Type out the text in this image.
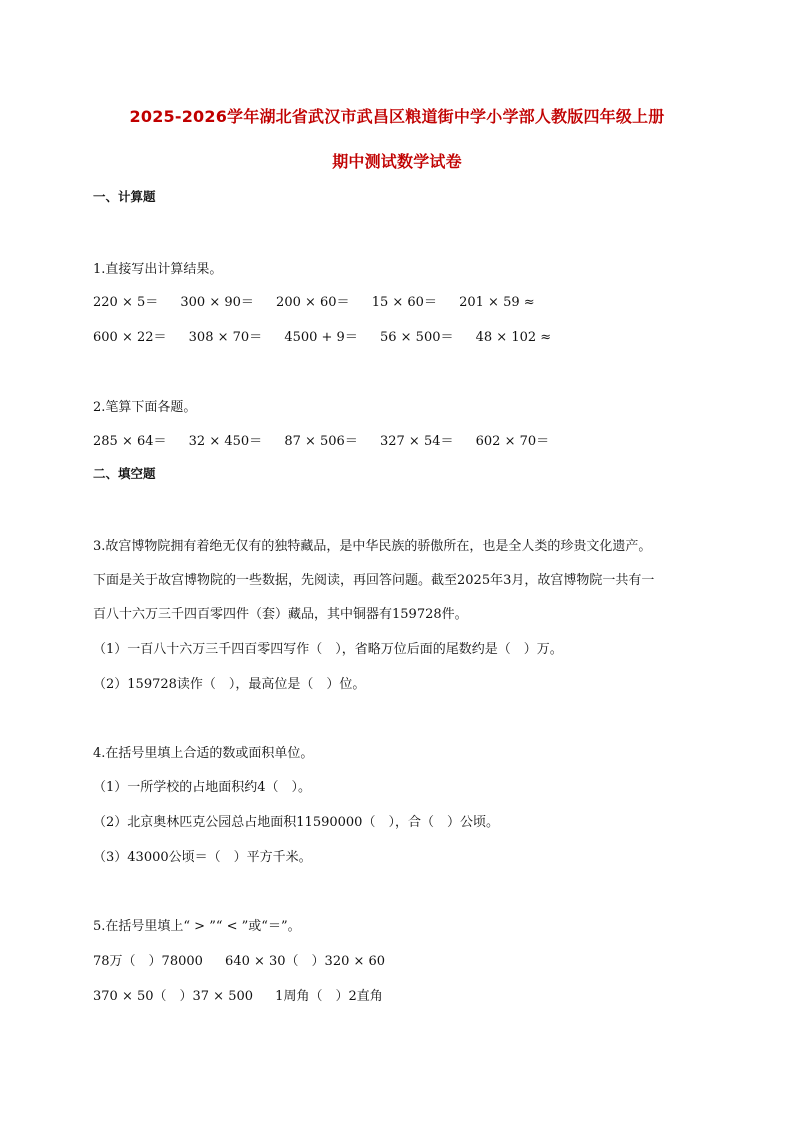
2025-2026学年湖北省武汉市武昌区粮道街中学小学部人教版四年级上册
期中测试数学试卷
一、计算题
1.直接写出计算结果。
220 × 5＝ 300 × 90＝ 200 × 60＝ 15 × 60＝ 201 × 59 ≈
600 × 22＝ 308 × 70＝ 4500 + 9＝ 56 × 500＝ 48 × 102 ≈
2.笔算下面各题。
285 × 64＝ 32 × 450＝ 87 × 506＝ 327 × 54＝ 602 × 70＝
二、填空题
3.故宫博物院拥有着绝无仅有的独特藏品，是中华民族的骄傲所在，也是全人类的珍贵文化遗产。
下面是关于故宫博物院的一些数据，先阅读，再回答问题。截至2025年3月，故宫博物院一共有一
百八十六万三千四百零四件（套）藏品，其中铜器有159728件。
（1）一百八十六万三千四百零四写作（　），省略万位后面的尾数约是（　）万。
（2）159728读作（　），最高位是（　）位。
4.在括号里填上合适的数或面积单位。
（1）一所学校的占地面积约4（　）。
（2）北京奥林匹克公园总占地面积11590000（　），合（　）公顷。
（3）43000公顷＝（　）平方千米。
5.在括号里填上“ > ”“ < ”或“＝”。
78万（　）78000 640 × 30（　）320 × 60
370 × 50（　）37 × 500 1周角（　）2直角
